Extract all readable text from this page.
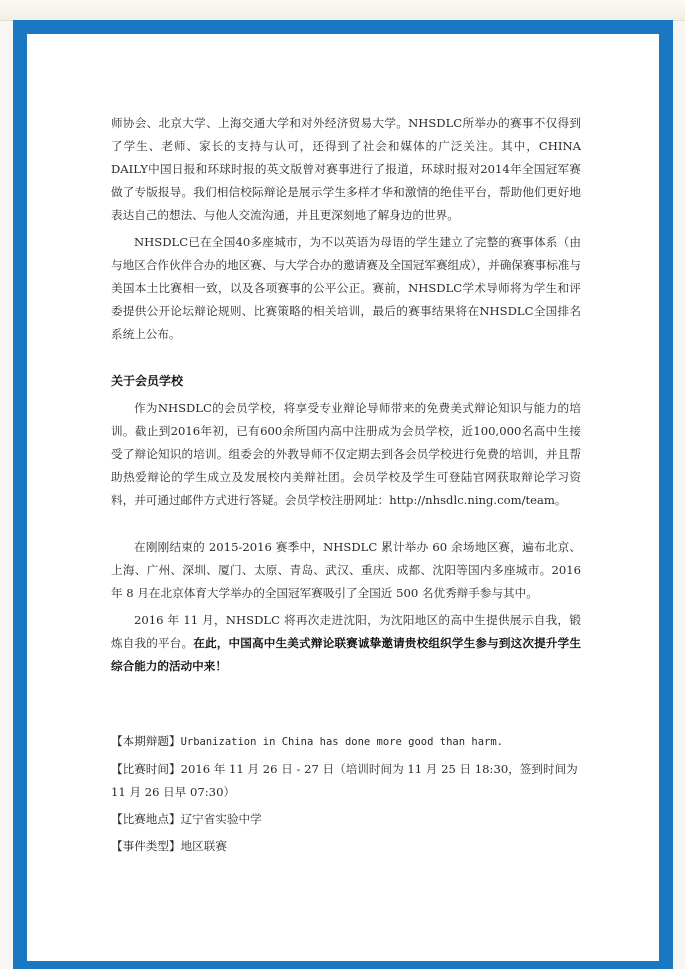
师协会、北京大学、上海交通大学和对外经济贸易大学。NHSDLC所举办的赛事不仅得到了学生、老师、家长的支持与认可，还得到了社会和媒体的广泛关注。其中，CHINA DAILY中国日报和环球时报的英文版曾对赛事进行了报道，环球时报对2014年全国冠军赛做了专版报导。我们相信校际辩论是展示学生多样才华和激情的绝佳平台，帮助他们更好地表达自己的想法、与他人交流沟通，并且更深刻地了解身边的世界。

NHSDLC已在全国40多座城市，为不以英语为母语的学生建立了完整的赛事体系（由与地区合作伙伴合办的地区赛、与大学合办的邀请赛及全国冠军赛组成），并确保赛事标准与美国本土比赛相一致，以及各项赛事的公平公正。赛前，NHSDLC学术导师将为学生和评委提供公开论坛辩论规则、比赛策略的相关培训，最后的赛事结果将在NHSDLC全国排名系统上公布。

关于会员学校

作为NHSDLC的会员学校，将享受专业辩论导师带来的免费美式辩论知识与能力的培训。截止到2016年初，已有600余所国内高中注册成为会员学校，近100,000名高中生接受了辩论知识的培训。组委会的外教导师不仅定期去到各会员学校进行免费的培训，并且帮助热爱辩论的学生成立及发展校内美辩社团。会员学校及学生可登陆官网获取辩论学习资料，并可通过邮件方式进行答疑。会员学校注册网址：http://nhsdlc.ning.com/team。

在刚刚结束的 2015-2016 赛季中，NHSDLC 累计举办 60 余场地区赛，遍布北京、上海、广州、深圳、厦门、太原、青岛、武汉、重庆、成都、沈阳等国内多座城市。2016 年 8 月在北京体育大学举办的全国冠军赛吸引了全国近 500 名优秀辩手参与其中。

2016 年 11 月，NHSDLC 将再次走进沈阳，为沈阳地区的高中生提供展示自我，锻炼自我的平台。在此，中国高中生美式辩论联赛诚挚邀请贵校组织学生参与到这次提升学生综合能力的活动中来！

【本期辩题】Urbanization in China has done more good than harm.

【比赛时间】2016 年 11 月 26 日 - 27 日（培训时间为 11 月 25 日 18:30，签到时间为 11 月 26 日早 07:30）

【比赛地点】辽宁省实验中学

【事件类型】地区联赛
